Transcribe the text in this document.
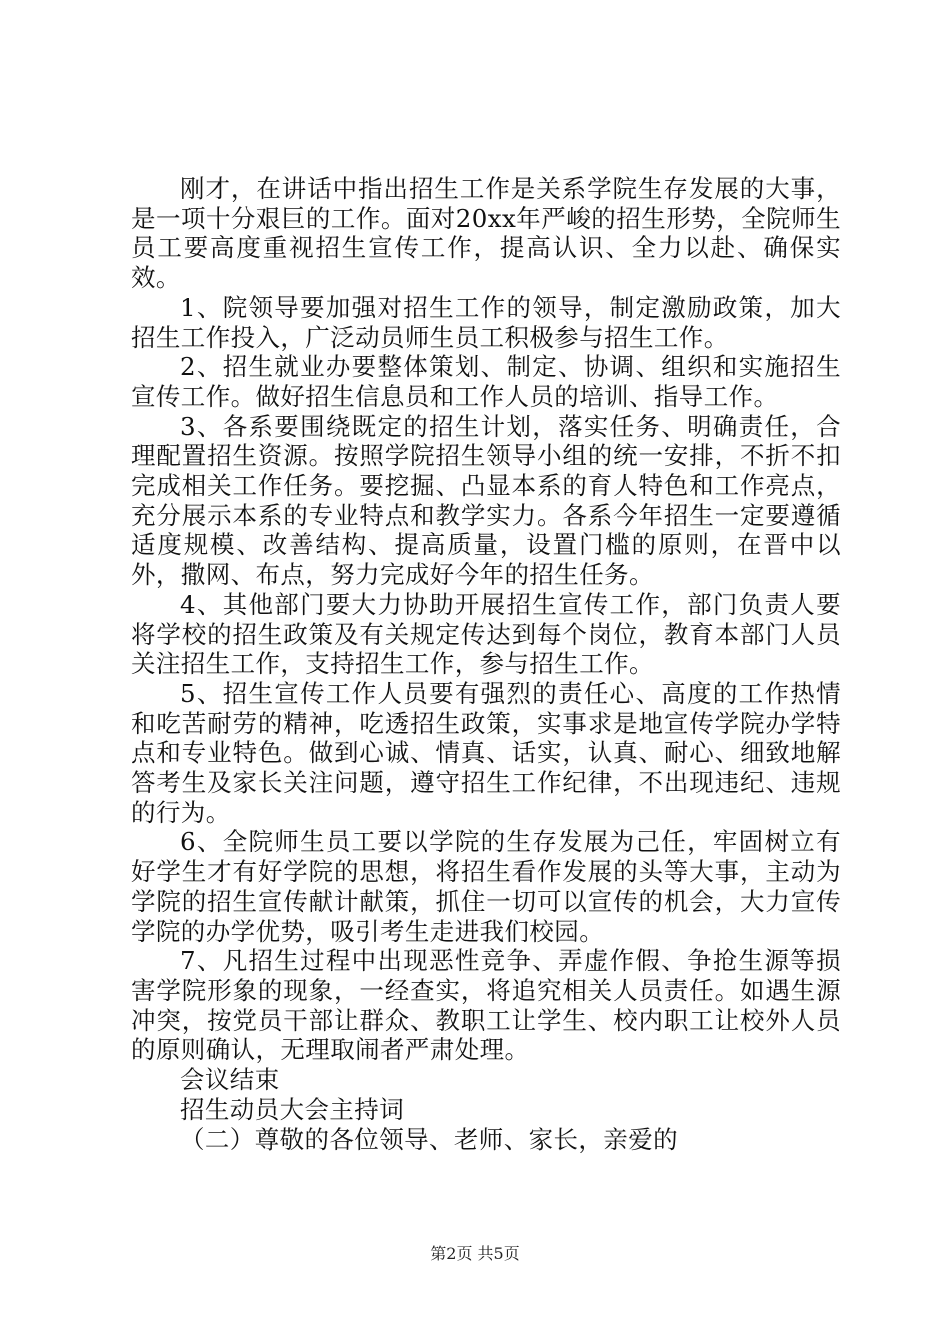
刚才，在讲话中指出招生工作是关系学院生存发展的大事，是一项十分艰巨的工作。面对20xx年严峻的招生形势，全院师生员工要高度重视招生宣传工作，提高认识、全力以赴、确保实效。

1、院领导要加强对招生工作的领导，制定激励政策，加大招生工作投入，广泛动员师生员工积极参与招生工作。

2、招生就业办要整体策划、制定、协调、组织和实施招生宣传工作。做好招生信息员和工作人员的培训、指导工作。

3、各系要围绕既定的招生计划，落实任务、明确责任，合理配置招生资源。按照学院招生领导小组的统一安排，不折不扣完成相关工作任务。要挖掘、凸显本系的育人特色和工作亮点，充分展示本系的专业特点和教学实力。各系今年招生一定要遵循适度规模、改善结构、提高质量，设置门槛的原则，在晋中以外，撒网、布点，努力完成好今年的招生任务。

4、其他部门要大力协助开展招生宣传工作，部门负责人要将学校的招生政策及有关规定传达到每个岗位，教育本部门人员关注招生工作，支持招生工作，参与招生工作。

5、招生宣传工作人员要有强烈的责任心、高度的工作热情和吃苦耐劳的精神，吃透招生政策，实事求是地宣传学院办学特点和专业特色。做到心诚、情真、话实，认真、耐心、细致地解答考生及家长关注问题，遵守招生工作纪律，不出现违纪、违规的行为。

6、全院师生员工要以学院的生存发展为己任，牢固树立有好学生才有好学院的思想，将招生看作发展的头等大事，主动为学院的招生宣传献计献策，抓住一切可以宣传的机会，大力宣传学院的办学优势，吸引考生走进我们校园。

7、凡招生过程中出现恶性竞争、弄虚作假、争抢生源等损害学院形象的现象，一经查实，将追究相关人员责任。如遇生源冲突，按党员干部让群众、教职工让学生、校内职工让校外人员的原则确认，无理取闹者严肃处理。

会议结束

招生动员大会主持词

（二）尊敬的各位领导、老师、家长，亲爱的

第2页 共5页
